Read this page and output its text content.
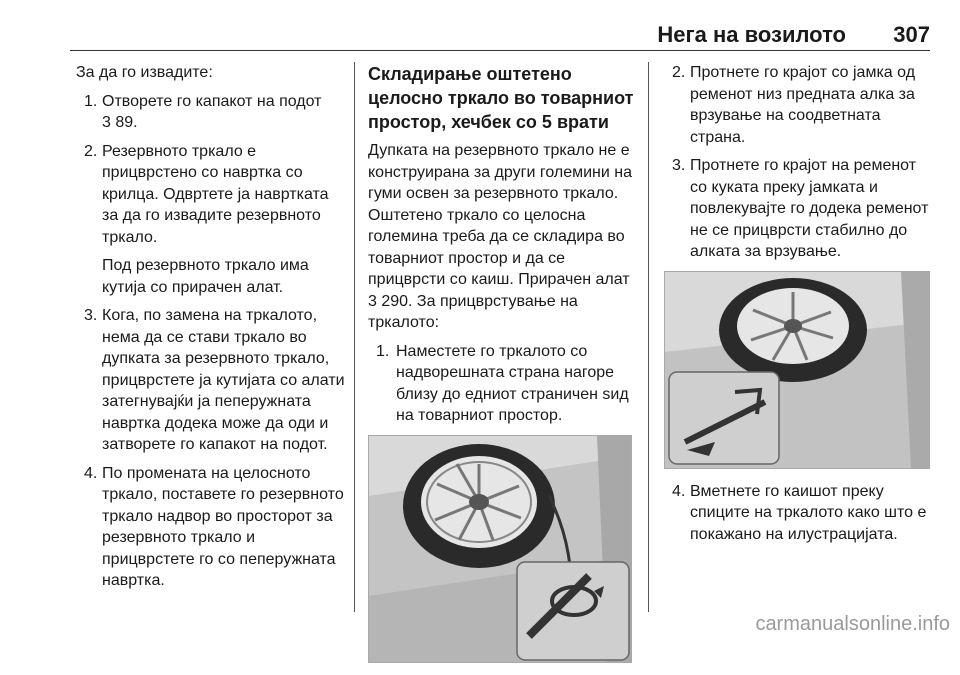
Нега на возилото	307
За да го извадите:
1. Отворете го капакот на подот
3 89.
2. Резервното тркало е прицврстено со навртка со крилца. Одвртете ја навртката за да го извадите резервното тркало.
Под резервното тркало има кутија со прирачен алат.
3. Кога, по замена на тркалото, нема да се стави тркало во дупката за резервното тркало, прицврстете ја кутијата со алати затегнувајќи ја пеперужната навртка додека може да оди и затворете го капакот на подот.
4. По промената на целосното тркало, поставете го резервното тркало надвор во просторот за резервното тркало и прицврстете го со пеперужната навртка.
Складирање оштетено целосно тркало во товарниот простор, хечбек со 5 врати
Дупката на резервното тркало не е конструирана за други големини на гуми освен за резервното тркало. Оштетено тркало со целосна големина треба да се складира во товарниот простор и да се прицврсти со каиш. Прирачен алат 3 290. За прицврстување на тркалото:
1. Наместете го тркалото со надворешната страна нагоре близу до едниот страничен sид на товарниот простор.
2. Протнете го крајот со јамка од ременот низ предната алка за врзување на соодветната страна.
3. Протнете го крајот на ременот со куката преку јамката и повлекувајте го додека ременот не се прицврсти стабилно до алката за врзување.
4. Вметнете го каишот преку спиците на тркалото како што е покажано на илустрацијата.
carmanualsonline.info
